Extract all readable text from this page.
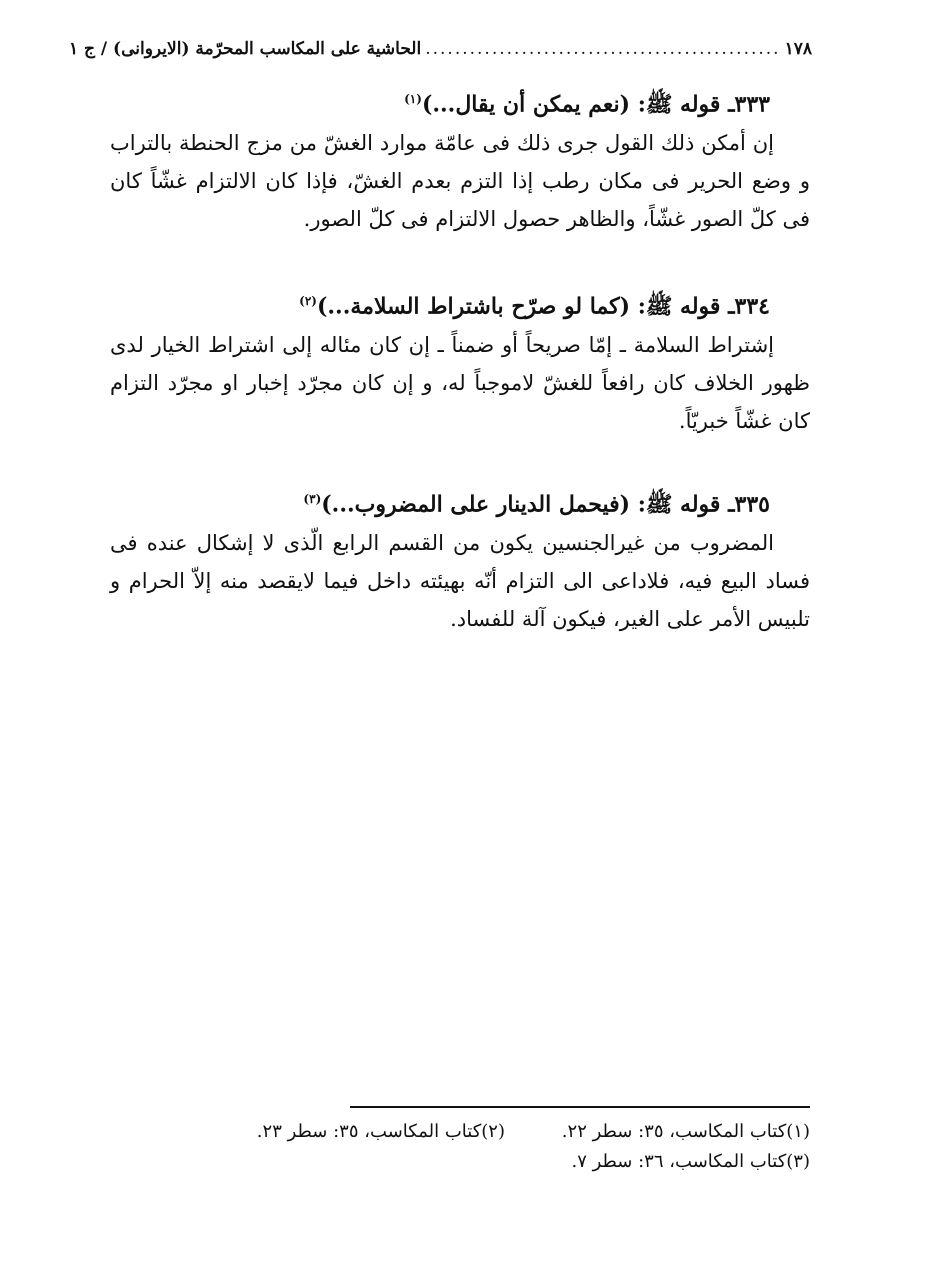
١٧٨
................................................
الحاشية على المكاسب المحرّمة (الايروانی) / ج ١

٣٣٣ـ قوله ﷺ: (نعم يمكن أن يقال...)$^{(١)}$

إن أمكن ذلك القول جرى ذلك فى عامّة موارد الغشّ من مزج الحنطة بالتراب و وضع الحرير فى مكان رطب إذا التزم بعدم الغشّ، فإذا كان الالتزام غشّاً كان فى كلّ الصور غشّاً، والظاهر حصول الالتزام فى كلّ الصور.

٣٣٤ـ قوله ﷺ: (كما لو صرّح باشتراط السلامة...)$^{(٢)}$

إشتراط السلامة ـ إمّا صريحاً أو ضمناً ـ إن كان مئاله إلى اشتراط الخيار لدى ظهور الخلاف كان رافعاً للغشّ لاموجباً له، و إن كان مجرّد إخبار او مجرّد التزام كان غشّاً خبريّاً.

٣٣٥ـ قوله ﷺ: (فيحمل الدينار على المضروب...)$^{(٣)}$

المضروب من غيرالجنسين يكون من القسم الرابع الّذى لا إشكال عنده فى فساد البيع فيه، فلاداعى الى التزام أنّه بهيئته داخل فيما لايقصد منه إلاّ الحرام و تلبيس الأمر على الغير، فيكون آلة للفساد.

(١)كتاب المكاسب، ٣٥: سطر ٢٢.
(٢)كتاب المكاسب، ٣٥: سطر ٢٣.
(٣)كتاب المكاسب، ٣٦: سطر ٧.
